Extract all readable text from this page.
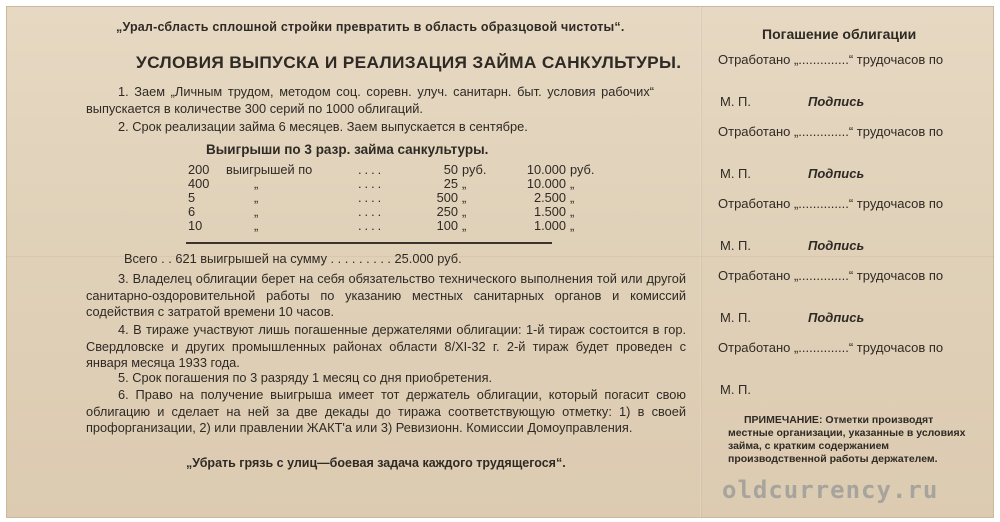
„Урал-сбласть сплошной стройки превратить в область образцовой чистоты“.
УСЛОВИЯ ВЫПУСКА И РЕАЛИЗАЦИЯ ЗАЙМА САНКУЛЬТУРЫ.
1. Заем „Личным трудом, методом соц. соревн. улуч. санитарн. быт. условия рабочих“ выпускается в количестве 300 серий по 1000 облигаций.
2. Срок реализации займа 6 месяцев. Заем выпускается в сентябре.
Выигрыши по 3 разр. займа санкультуры.
200	выигрышей по	....	50	руб.	10.000	руб.
400	„	....	25	„	10.000	„
5	„	....	500	„	2.500	„
6	„	....	250	„	1.500	„
10	„	....	100	„	1.000	„
Всего . . 621 выигрышей на сумму . . . . . . . . . 25.000 руб.
3. Владелец облигации берет на себя обязательство технического выполнения той или другой санитарно-оздоровительной работы по указанию местных санитарных органов и комиссий содействия с затратой времени 10 часов.
4. В тираже участвуют лишь погашенные держателями облигации: 1-й тираж состоится в гор. Свердловске и других промышленных районах области 8/XI-32 г. 2-й тираж будет проведен с января месяца 1933 года.
5. Срок погашения по 3 разряду 1 месяц со дня приобретения.
6. Право на получение выигрыша имеет тот держатель облигации, который погасит свою облигацию и сделает на ней за две декады до тиража соответствующую отметку: 1) в своей профорганизации, 2) или правлении ЖАКТ'а или 3) Ревизионн. Комиссии Домоуправления.
„Убрать грязь с улиц—боевая задача каждого трудящегося“.
Погашение облигации
Отработано „..............“ трудочасов по
М. П.	Подпись
Отработано „..............“ трудочасов по
М. П.	Подпись
Отработано „..............“ трудочасов по
М. П.	Подпись
Отработано „..............“ трудочасов по
М. П.	Подпись
Отработано „..............“ трудочасов по
М. П.
ПРИМЕЧАНИЕ: Отметки производят местные организации, указанные в условиях займа, с кратким содержанием производственной работы держателем.
oldcurrency.ru
